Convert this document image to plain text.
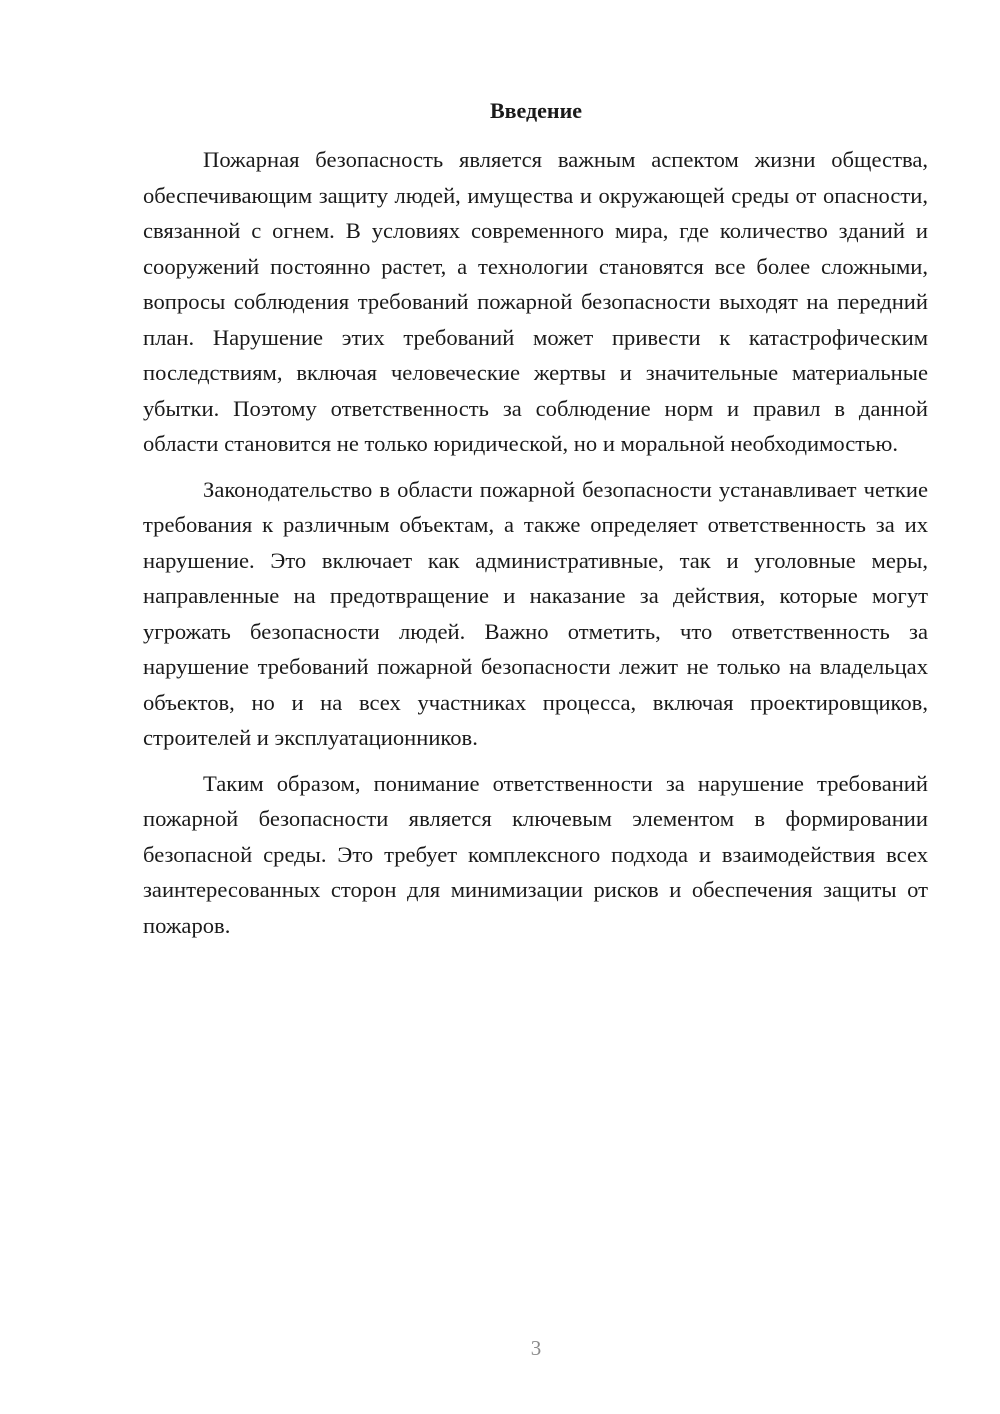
Введение

Пожарная безопасность является важным аспектом жизни общества, обеспечивающим защиту людей, имущества и окружающей среды от опасности, связанной с огнем. В условиях современного мира, где количество зданий и сооружений постоянно растет, а технологии становятся все более сложными, вопросы соблюдения требований пожарной безопасности выходят на передний план. Нарушение этих требований может привести к катастрофическим последствиям, включая человеческие жертвы и значительные материальные убытки. Поэтому ответственность за соблюдение норм и правил в данной области становится не только юридической, но и моральной необходимостью.

Законодательство в области пожарной безопасности устанавливает четкие требования к различным объектам, а также определяет ответственность за их нарушение. Это включает как административные, так и уголовные меры, направленные на предотвращение и наказание за действия, которые могут угрожать безопасности людей. Важно отметить, что ответственность за нарушение требований пожарной безопасности лежит не только на владельцах объектов, но и на всех участниках процесса, включая проектировщиков, строителей и эксплуатационников.

Таким образом, понимание ответственности за нарушение требований пожарной безопасности является ключевым элементом в формировании безопасной среды. Это требует комплексного подхода и взаимодействия всех заинтересованных сторон для минимизации рисков и обеспечения защиты от пожаров.

3
